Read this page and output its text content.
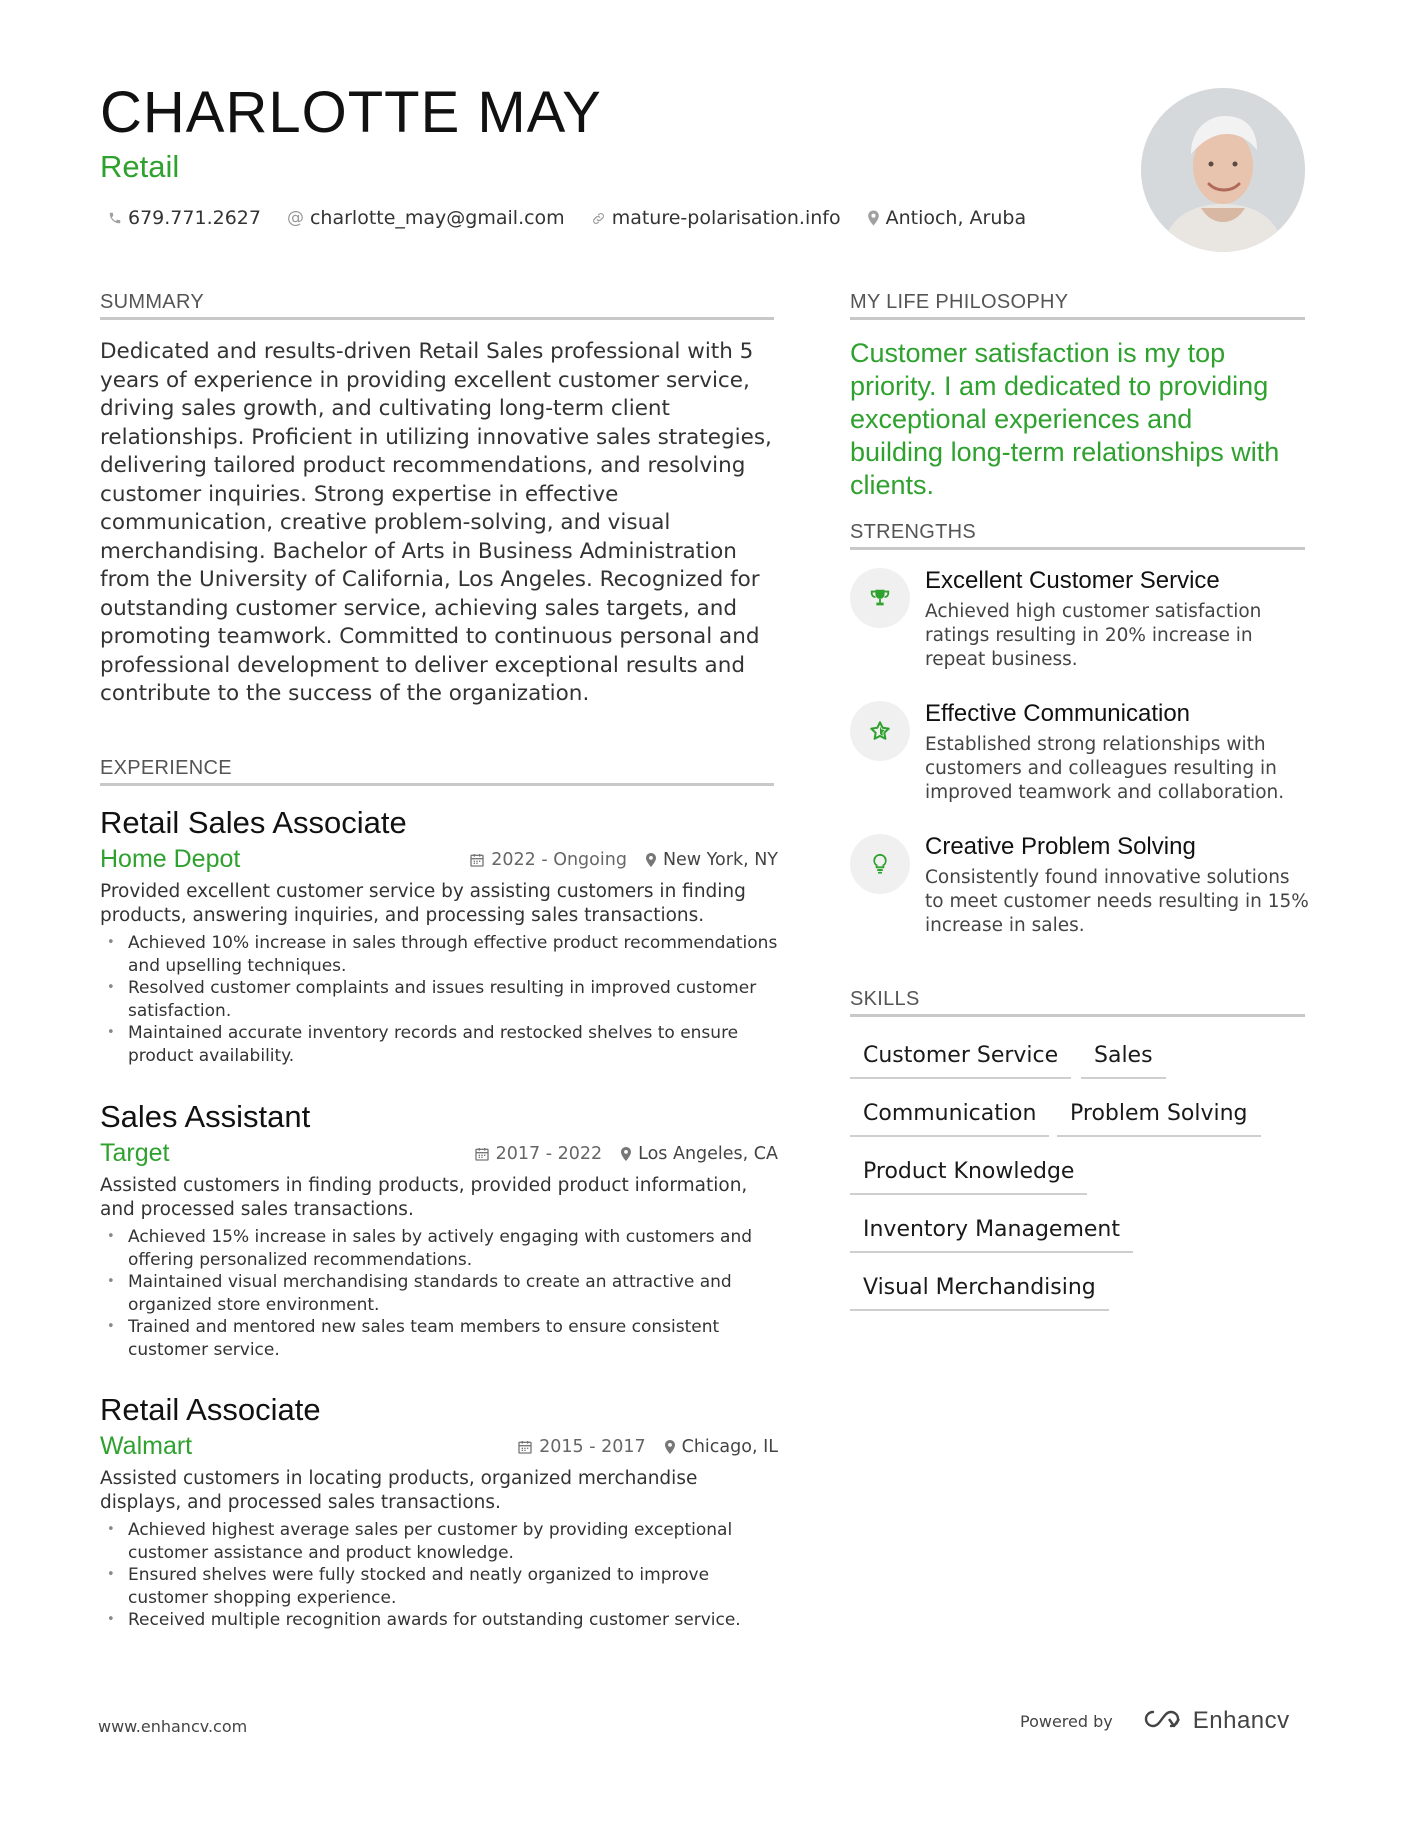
CHARLOTTE MAY
Retail
679.771.2627 @ charlotte_may@gmail.com mature-polarisation.info Antioch, Aruba
SUMMARY
Dedicated and results-driven Retail Sales professional with 5 years of experience in providing excellent customer service, driving sales growth, and cultivating long-term client relationships. Proficient in utilizing innovative sales strategies, delivering tailored product recommendations, and resolving customer inquiries. Strong expertise in effective communication, creative problem-solving, and visual merchandising. Bachelor of Arts in Business Administration from the University of California, Los Angeles. Recognized for outstanding customer service, achieving sales targets, and promoting teamwork. Committed to continuous personal and professional development to deliver exceptional results and contribute to the success of the organization.
EXPERIENCE
Retail Sales Associate
Home Depot	2022 - Ongoing New York, NY
Provided excellent customer service by assisting customers in finding products, answering inquiries, and processing sales transactions.
• Achieved 10% increase in sales through effective product recommendations and upselling techniques.
• Resolved customer complaints and issues resulting in improved customer satisfaction.
• Maintained accurate inventory records and restocked shelves to ensure product availability.
Sales Assistant
Target	2017 - 2022 Los Angeles, CA
Assisted customers in finding products, provided product information, and processed sales transactions.
• Achieved 15% increase in sales by actively engaging with customers and offering personalized recommendations.
• Maintained visual merchandising standards to create an attractive and organized store environment.
• Trained and mentored new sales team members to ensure consistent customer service.
Retail Associate
Walmart	2015 - 2017 Chicago, IL
Assisted customers in locating products, organized merchandise displays, and processed sales transactions.
• Achieved highest average sales per customer by providing exceptional customer assistance and product knowledge.
• Ensured shelves were fully stocked and neatly organized to improve customer shopping experience.
• Received multiple recognition awards for outstanding customer service.
MY LIFE PHILOSOPHY
Customer satisfaction is my top priority. I am dedicated to providing exceptional experiences and building long-term relationships with clients.
STRENGTHS
Excellent Customer Service
Achieved high customer satisfaction ratings resulting in 20% increase in repeat business.
Effective Communication
Established strong relationships with customers and colleagues resulting in improved teamwork and collaboration.
Creative Problem Solving
Consistently found innovative solutions to meet customer needs resulting in 15% increase in sales.
SKILLS
Customer Service	Sales
Communication	Problem Solving
Product Knowledge
Inventory Management
Visual Merchandising
www.enhancv.com	Powered by	Enhancv
